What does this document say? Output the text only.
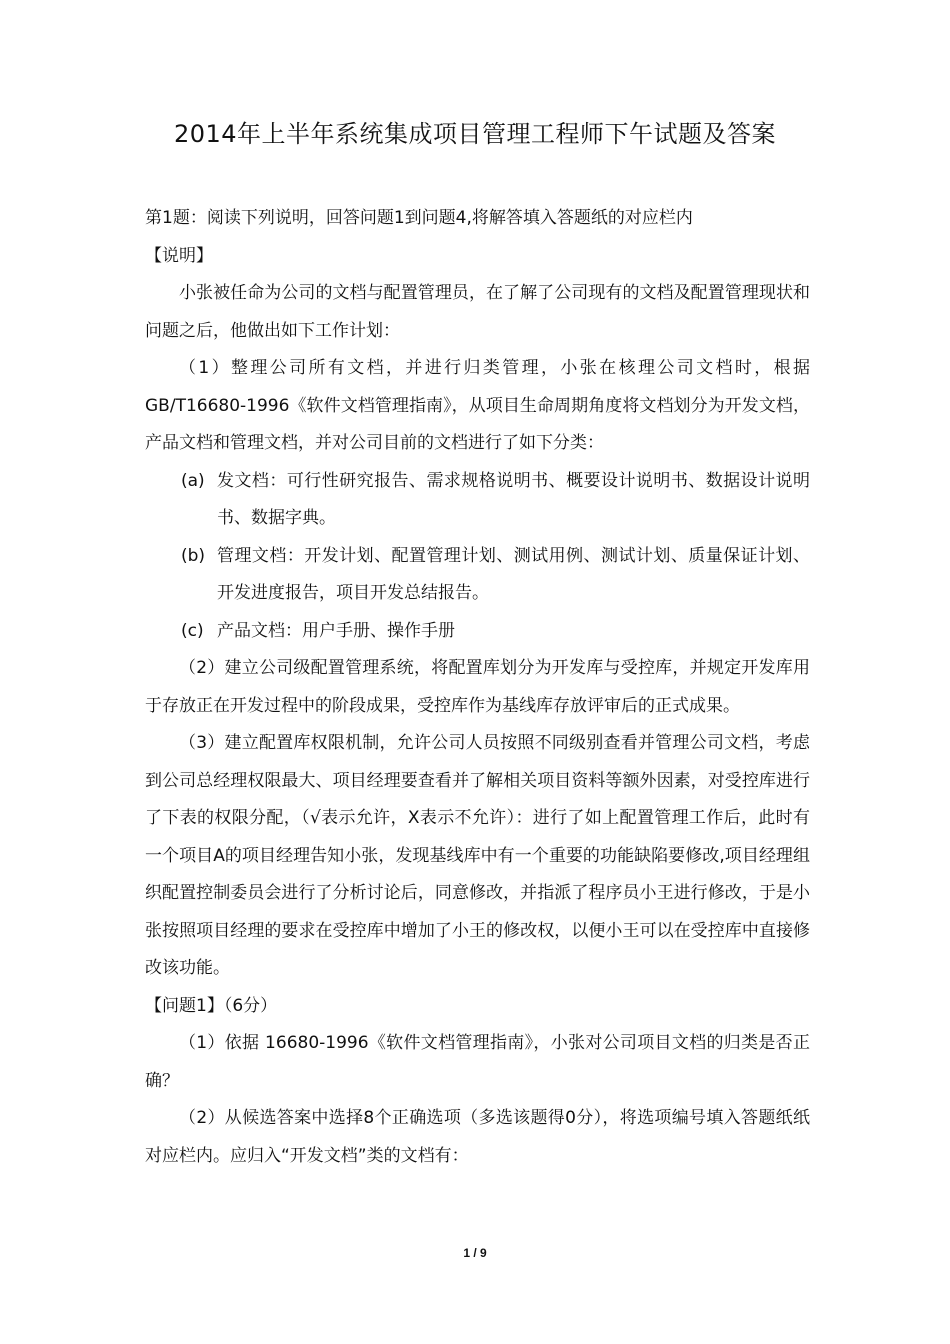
2014年上半年系统集成项目管理工程师下午试题及答案

第1题：阅读下列说明，回答问题1到问题4,将解答填入答题纸的对应栏内

【说明】

小张被任命为公司的文档与配置管理员，在了解了公司现有的文档及配置管理现状和问题之后，他做出如下工作计划：

（1）整理公司所有文档，并进行归类管理，小张在核理公司文档时，根据GB/T16680-1996《软件文档管理指南》，从项目生命周期角度将文档划分为开发文档，产品文档和管理文档，并对公司目前的文档进行了如下分类：

(a) 发文档：可行性研究报告、需求规格说明书、概要设计说明书、数据设计说明书、数据字典。

(b) 管理文档：开发计划、配置管理计划、测试用例、测试计划、质量保证计划、开发进度报告，项目开发总结报告。

(c) 产品文档：用户手册、操作手册

（2）建立公司级配置管理系统，将配置库划分为开发库与受控库，并规定开发库用于存放正在开发过程中的阶段成果，受控库作为基线库存放评审后的正式成果。

（3）建立配置库权限机制，允许公司人员按照不同级别查看并管理公司文档，考虑到公司总经理权限最大、项目经理要查看并了解相关项目资料等额外因素，对受控库进行了下表的权限分配，（√表示允许，X表示不允许）：进行了如上配置管理工作后，此时有一个项目A的项目经理告知小张，发现基线库中有一个重要的功能缺陷要修改,项目经理组织配置控制委员会进行了分析讨论后，同意修改，并指派了程序员小王进行修改，于是小张按照项目经理的要求在受控库中增加了小王的修改权，以便小王可以在受控库中直接修改该功能。

【问题1】（6分）

（1）依据 16680-1996《软件文档管理指南》，小张对公司项目文档的归类是否正确？

（2）从候选答案中选择8个正确选项（多选该题得0分），将选项编号填入答题纸纸对应栏内。应归入“开发文档”类的文档有：

1 / 9
